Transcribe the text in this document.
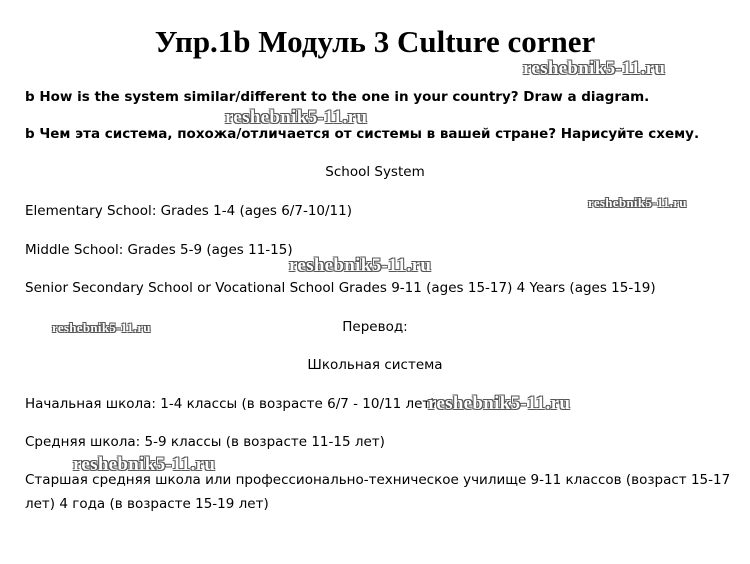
Упр.1b Модуль 3 Culture corner
reshebnik5-11.ru
b How is the system similar/different to the one in your country? Draw a diagram.
reshebnik5-11.ru
b Чем эта система, похожа/отличается от системы в вашей стране? Нарисуйте схему.
School System
reshebnik5-11.ru
Elementary School: Grades 1-4 (ages 6/7-10/11)
Middle School: Grades 5-9 (ages 11-15)
reshebnik5-11.ru
Senior Secondary School or Vocational School Grades 9-11 (ages 15-17) 4 Years (ages 15-19)
reshebnik5-11.ru	Перевод:
Школьная система
Начальная школа: 1-4 классы (в возрасте 6/7 - 10/11 лет)
reshebnik5-11.ru
Средняя школа: 5-9 классы (в возрасте 11-15 лет)
reshebnik5-11.ru
Старшая средняя школа или профессионально-техническое училище 9-11 классов (возраст 15-17
лет) 4 года (в возрасте 15-19 лет)
